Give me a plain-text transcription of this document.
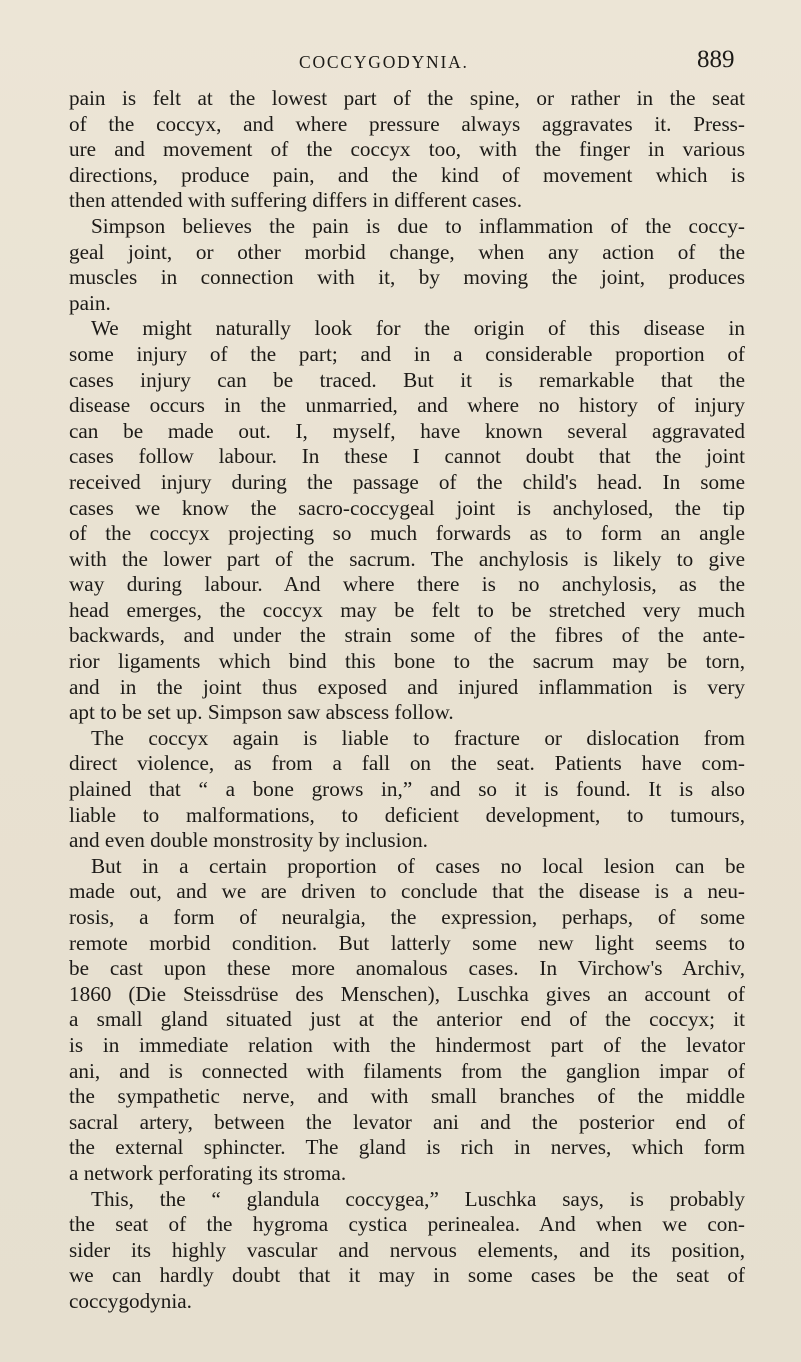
COCCYGODYNIA.	889
pain is felt at the lowest part of the spine, or rather in the seat
of the coccyx, and where pressure always aggravates it. Press-
ure and movement of the coccyx too, with the finger in various
directions, produce pain, and the kind of movement which is
then attended with suffering differs in different cases.
Simpson believes the pain is due to inflammation of the coccy-
geal joint, or other morbid change, when any action of the
muscles in connection with it, by moving the joint, produces
pain.
We might naturally look for the origin of this disease in
some injury of the part; and in a considerable proportion of
cases injury can be traced. But it is remarkable that the
disease occurs in the unmarried, and where no history of injury
can be made out. I, myself, have known several aggravated
cases follow labour. In these I cannot doubt that the joint
received injury during the passage of the child's head. In some
cases we know the sacro-coccygeal joint is anchylosed, the tip
of the coccyx projecting so much forwards as to form an angle
with the lower part of the sacrum. The anchylosis is likely to give
way during labour. And where there is no anchylosis, as the
head emerges, the coccyx may be felt to be stretched very much
backwards, and under the strain some of the fibres of the ante-
rior ligaments which bind this bone to the sacrum may be torn,
and in the joint thus exposed and injured inflammation is very
apt to be set up. Simpson saw abscess follow.
The coccyx again is liable to fracture or dislocation from
direct violence, as from a fall on the seat. Patients have com-
plained that “ a bone grows in,” and so it is found. It is also
liable to malformations, to deficient development, to tumours,
and even double monstrosity by inclusion.
But in a certain proportion of cases no local lesion can be
made out, and we are driven to conclude that the disease is a neu-
rosis, a form of neuralgia, the expression, perhaps, of some
remote morbid condition. But latterly some new light seems to
be cast upon these more anomalous cases. In Virchow's Archiv,
1860 (Die Steissdrüse des Menschen), Luschka gives an account of
a small gland situated just at the anterior end of the coccyx; it
is in immediate relation with the hindermost part of the levator
ani, and is connected with filaments from the ganglion impar of
the sympathetic nerve, and with small branches of the middle
sacral artery, between the levator ani and the posterior end of
the external sphincter. The gland is rich in nerves, which form
a network perforating its stroma.
This, the “ glandula coccygea,” Luschka says, is probably
the seat of the hygroma cystica perinealea. And when we con-
sider its highly vascular and nervous elements, and its position,
we can hardly doubt that it may in some cases be the seat of
coccygodynia.
